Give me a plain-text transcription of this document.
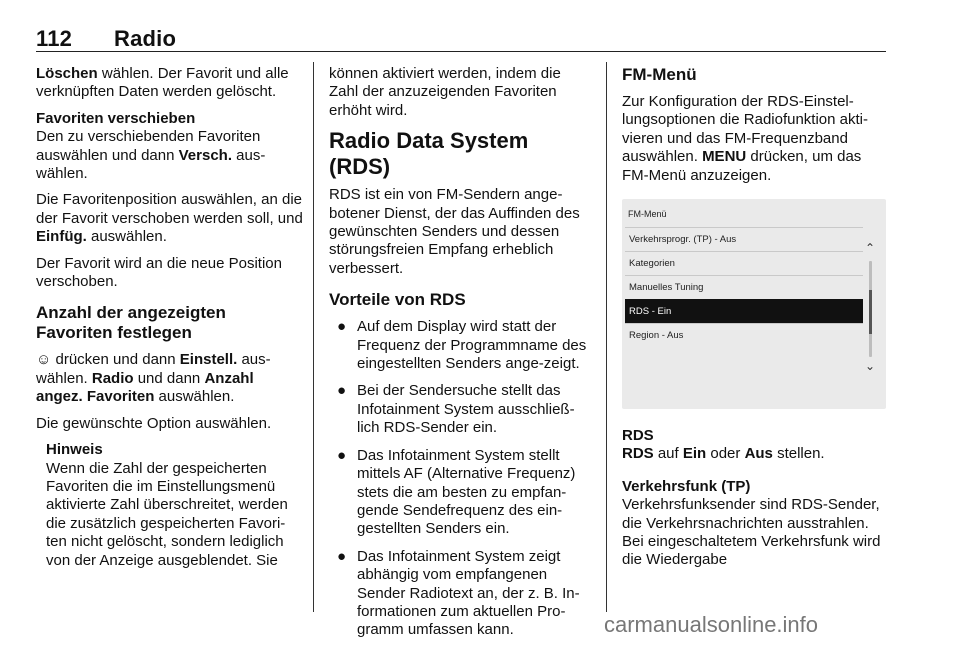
112 Radio

Löschen wählen. Der Favorit und alle verknüpften Daten werden gelöscht.

Favoriten verschieben
Den zu verschiebenden Favoriten auswählen und dann Versch. aus-wählen.

Die Favoritenposition auswählen, an die der Favorit verschoben werden soll, und Einfüg. auswählen.

Der Favorit wird an die neue Position verschoben.

Anzahl der angezeigten Favoriten festlegen

☺ drücken und dann Einstell. aus-wählen. Radio und dann Anzahl angez. Favoriten auswählen.

Die gewünschte Option auswählen.

Hinweis
Wenn die Zahl der gespeicherten Favoriten die im Einstellungsmenü aktivierte Zahl überschreitet, werden die zusätzlich gespeicherten Favori-ten nicht gelöscht, sondern lediglich von der Anzeige ausgeblendet. Sie

können aktiviert werden, indem die Zahl der anzuzeigenden Favoriten erhöht wird.

Radio Data System (RDS)

RDS ist ein von FM-Sendern ange-botener Dienst, der das Auffinden des gewünschten Senders und dessen störungsfreien Empfang erheblich verbessert.

Vorteile von RDS
● Auf dem Display wird statt der Frequenz der Programmname des eingestellten Senders ange-zeigt.
● Bei der Sendersuche stellt das Infotainment System ausschließ-lich RDS-Sender ein.
● Das Infotainment System stellt mittels AF (Alternative Frequenz) stets die am besten zu empfan-gende Sendefrequenz des ein-gestellten Senders ein.
● Das Infotainment System zeigt abhängig vom empfangenen Sender Radiotext an, der z. B. In-formationen zum aktuellen Pro-gramm umfassen kann.
FM-Menü

Zur Konfiguration der RDS-Einstel-lungsoptionen die Radiofunktion akti-vieren und das FM-Frequenzband auswählen. MENU drücken, um das FM-Menü anzuzeigen.

FM-Menü
Verkehrsprogr. (TP) - Aus
Kategorien
Manuelles Tuning
RDS - Ein
Region - Aus
⌃
⌄

RDS
RDS auf Ein oder Aus stellen.

Verkehrsfunk (TP)
Verkehrsfunksender sind RDS-Sender, die Verkehrsnachrichten ausstrahlen. Bei eingeschaltetem Verkehrsfunk wird die Wiedergabe

carmanualsonline.info
